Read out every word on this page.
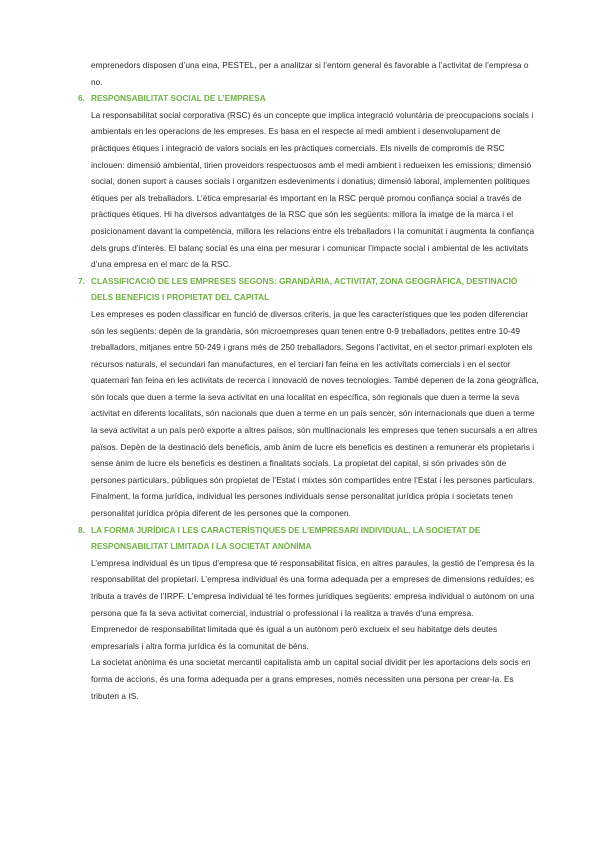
emprenedors disposen d’una eina, PESTEL, per a analitzar si l’entorn general és favorable a l’activitat de l’empresa o no.

6. RESPONSABILITAT SOCIAL DE L’EMPRESA

La responsabilitat social corporativa (RSC) és un concepte que implica integració voluntària de preocupacions socials i ambientals en les operacions de les empreses. Es basa en el respecte al medi ambient i desenvolupament de pràctiques ètiques i integració de valors socials en les pràctiques comercials. Els nivells de compromís de RSC inclouen: dimensió ambiental, tirien proveidors respectuosos amb el medi ambient i redueixen les emissions; dimensió social, donen suport a causes socials i organitzen esdeveniments i donatius; dimensió laboral, implementen politiques ètiques per als treballadors. L’ètica empresarial és important en la RSC perquè promou confiança social a través de pràctiques ètiques. Hi ha diversos advantatges de la RSC que són les següents: millora la imatge de la marca i el posicionament davant la competència, millora les relacions entre els treballadors i la comunitat i augmenta la confiança dels grups d’interès. El balanç social és una eina per mesurar i comunicar l’impacte social i ambiental de les activitats d’una empresa en el marc de la RSC.

7. CLASSIFICACIÓ DE LES EMPRESES SEGONS: GRANDÀRIA, ACTIVITAT, ZONA GEOGRÀFICA, DESTINACIÓ DELS BENEFICIS I PROPIETAT DEL CAPITAL

Les empreses es poden classificar en funció de diversos criteris, ja que les característiques que les poden diferenciar són les següents: depèn de la grandària, són microempreses quan tenen entre 0-9 treballadors, petites entre 10-49 treballadors, mitjanes entre 50-249 i grans més de 250 treballadors. Segons l’activitat, en el sector primari exploten els recursos naturals, el secundari fan manufactures, en el terciari fan feina en les activitats comercials i en el sector quaternari fan feina en les activitats de recerca i innovació de noves tecnologies. També depenen de la zona geogràfica, són locals que duen a terme la seva activitat en una localitat en específica, són regionals que duen a terme la seva activitat en diferents localitats, són nacionals que duen a terme en un país sencer, són internacionals que duen a terme la seva activitat a un país però exporte a altres països, són multinacionals les empreses que tenen sucursals a en altres països. Depèn de la destinació dels beneficis, amb ànim de lucre els beneficis es destinen a remunerar els propietaris i sense ànim de lucre els beneficis es destinen a finalitats socials. La propietat del capital, si són privades són de persones particulars, públiques són propietat de l’Estat i mixtes són compartides entre l’Estat i les persones particulars. Finalment, la forma jurídica, individual les persones individuals sense personalitat jurídica pròpia i societats tenen personalitat jurídica pròpia diferent de les persones que la componen.

8. LA FORMA JURÍDICA I LES CARACTERÍSTIQUES DE L’EMPRESARI INDIVIDUAL, LA SOCIETAT DE RESPONSABILITAT LIMITADA I LA SOCIETAT ANÒNIMA

L’empresa individual és un tipus d’empresa que té responsabilitat física, en altres paraules, la gestió de l’empresa és la responsabilitat del propietari. L’empresa individual és una forma adequada per a empreses de dimensions reduïdes; es tributa a través de l’IRPF. L’empresa individual té les formes jurídiques següents: empresa individual o autònom on una persona que fa la seva activitat comercial, industrial o professional i la realitza a través d’una empresa.

Emprenedor de responsabilitat limitada que és igual a un autònom però exclueix el seu habitatge dels deutes empresarials i altra forma jurídica és la comunitat de béns.

La societat anònima és una societat mercantil capitalista amb un capital social dividit per les aportacions dels socis en forma de accions, és una forma adequada per a grans empreses, només necessiten una persona per crear-la. Es tributen a IS.
